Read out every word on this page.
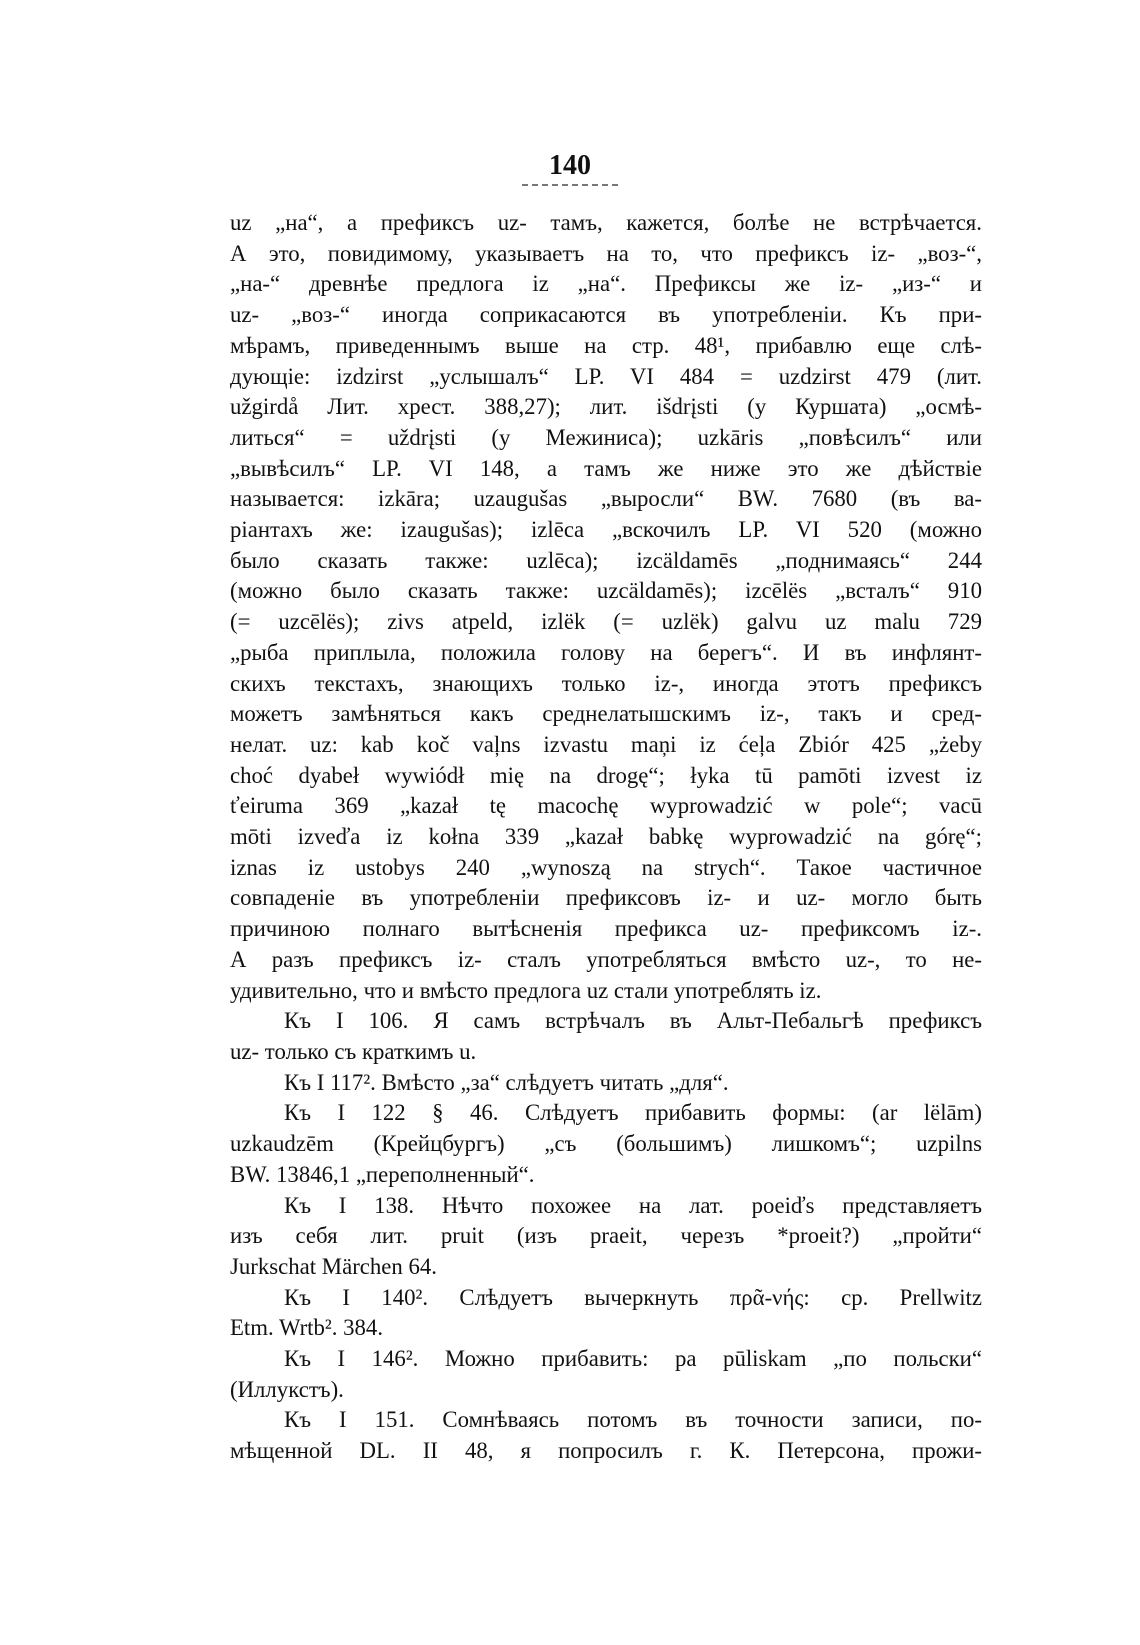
140
uz „на“, а префиксъ uz- тамъ, кажется, болѣе не встрѣчается.
А это, повидимому, указываетъ на то, что префиксъ iz- „воз-“,
„на-“ древнѣе предлога iz „на“. Префиксы же iz- „из-“ и
uz- „воз-“ иногда соприкасаются въ употребленіи. Къ при-
мѣрамъ, приведеннымъ выше на стр. 48¹, прибавлю еще слѣ-
дующіе: izdzirst „услышалъ“ LP. VI 484 = uzdzirst 479 (лит.
užgirdå Лит. хрест. 388,27); лит. išdrįsti (у Куршата) „осмѣ-
литься“ = uždrįsti (у Межиниса); uzkāris „повѣсилъ“ или
„вывѣсилъ“ LP. VI 148, а тамъ же ниже это же дѣйствіе
называется: izkāra; uzaugušas „выросли“ BW. 7680 (въ ва-
ріантахъ же: izaugušas); izlēca „вскочилъ LP. VI 520 (можно
было сказать также: uzlēca); izcäldamēs „поднимаясь“ 244
(можно было сказать также: uzcäldamēs); izcēlës „всталъ“ 910
(= uzcēlës); zivs atpeld, izlëk (= uzlëk) galvu uz malu 729
„рыба приплыла, положила голову на берегъ“. И въ инфлянт-
скихъ текстахъ, знающихъ только iz-, иногда этотъ префиксъ
можетъ замѣняться какъ среднелатышскимъ iz-, такъ и сред-
нелат. uz: kab koč vaļns izvastu maņi iz ćeļa Zbiór 425 „żeby
choć dyabeł wywiódł mię na drogę“; łyka tū pamōti izvest iz
ťeiruma 369 „kazał tę macochę wyprowadzić w pole“; vacū
mōti izveďa iz kołna 339 „kazał babkę wyprowadzić na górę“;
iznas iz ustobys 240 „wynoszą na strych“. Такое частичное
совпаденіе въ употребленіи префиксовъ iz- и uz- могло быть
причиною полнаго вытѣсненія префикса uz- префиксомъ iz-.
А разъ префиксъ iz- сталъ употребляться вмѣсто uz-, то не-
удивительно, что и вмѣсто предлога uz стали употреблять iz.
Къ I 106. Я самъ встрѣчалъ въ Альт-Пебальгѣ префиксъ
uz- только съ краткимъ u.
Къ I 117². Вмѣсто „за“ слѣдуетъ читать „для“.
Къ I 122 § 46. Слѣдуетъ прибавить формы: (ar lëlām)
uzkaudzēm (Крейцбургъ) „съ (большимъ) лишкомъ“; uzpilns
BW. 13846,1 „переполненный“.
Къ I 138. Нѣчто похожее на лат. poeiďs представляетъ
изъ себя лит. pruit (изъ praeit, черезъ *proeit?) „пройти“
Jurkschat Märchen 64.
Къ I 140². Слѣдуетъ вычеркнуть πρᾶ-νής: ср. Prellwitz
Etm. Wrtb². 384.
Къ I 146². Можно прибавить: pa pūliskam „по польски“
(Иллукстъ).
Къ I 151. Сомнѣваясь потомъ въ точности записи, по-
мѣщенной DL. II 48, я попросилъ г. К. Петерсона, прожи-
